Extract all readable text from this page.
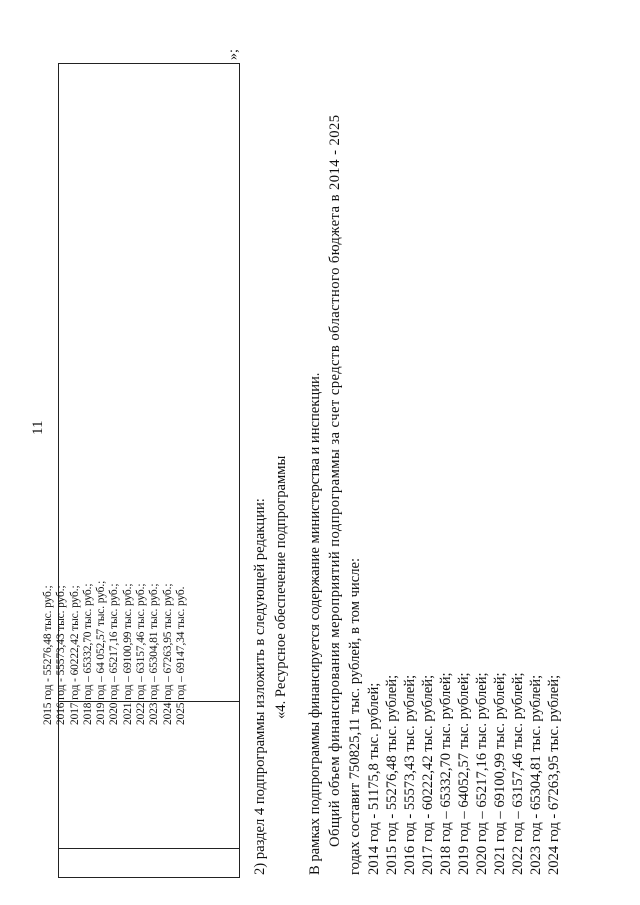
11
2015 год - 55276,48 тыс. руб.; 2016 год - 55573,43 тыс. руб.; 2017 год - 60222,42 тыс. руб.; 2018 год – 65332,70 тыс. руб.; 2019 год – 64 052,57 тыс. руб.; 2020 год – 65217,16 тыс. руб.; 2021 год – 69100,99 тыс. руб.; 2022 год – 63157,46 тыс. руб.; 2023 год – 65304,81 тыс. руб.; 2024 год – 67263,95 тыс. руб.; 2025 год – 69147,34 тыс. руб.
»;
2) раздел 4 подпрограммы изложить в следующей редакции: «4. Ресурсное обеспечение подпрограммы В рамках подпрограммы финансируется содержание министерства и инспекции. Общий объем финансирования мероприятий подпрограммы за счет средств областного бюджета в 2014 - 2025 годах составит 750825,11 тыс. рублей, в том числе: 2014 год - 51175,8 тыс. рублей; 2015 год - 55276,48 тыс. рублей; 2016 год - 55573,43 тыс. рублей; 2017 год - 60222,42 тыс. рублей; 2018 год – 65332,70 тыс. рублей; 2019 год – 64052,57 тыс. рублей; 2020 год – 65217,16 тыс. рублей; 2021 год – 69100,99 тыс. рублей; 2022 год – 63157,46 тыс. рублей; 2023 год - 65304,81 тыс. рублей; 2024 год - 67263,95 тыс. рублей;
